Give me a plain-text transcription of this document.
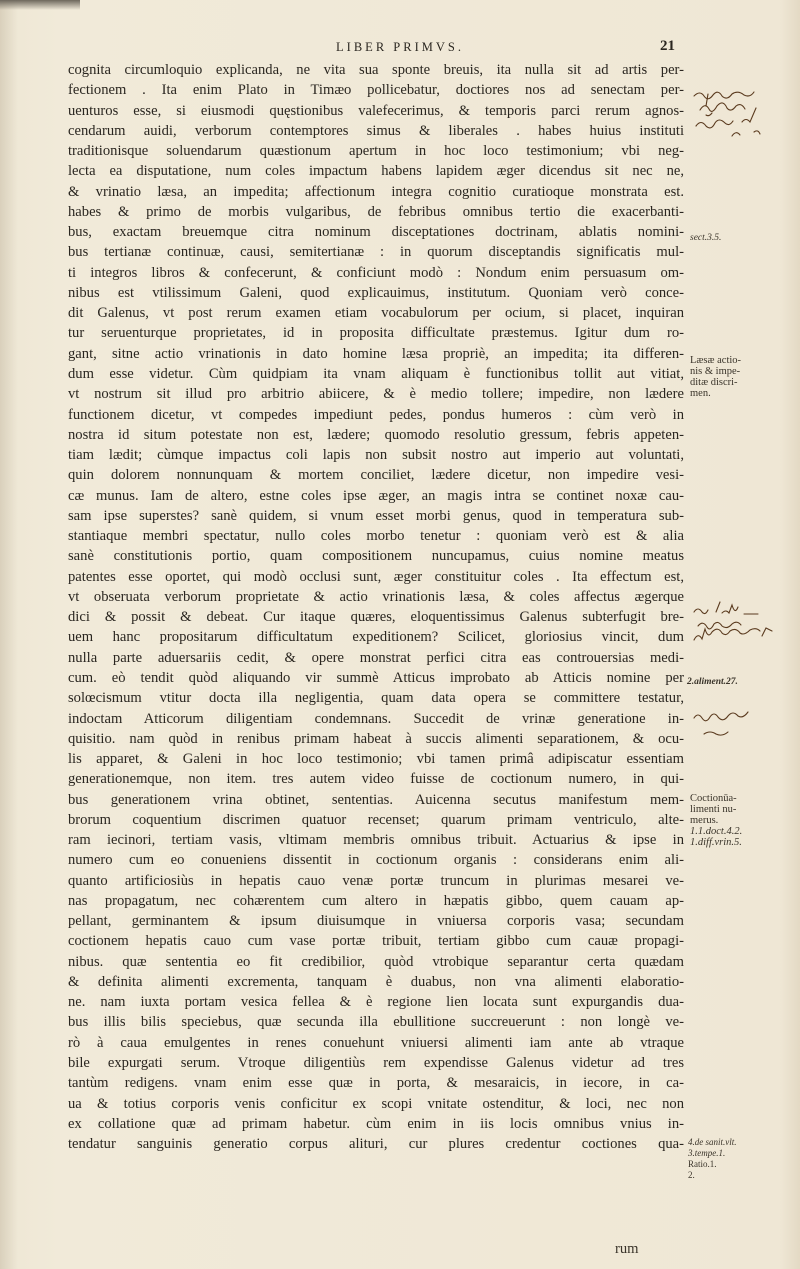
LIBER PRIMVS.	21
cognita circumloquio explicanda, ne vita sua sponte breuis, ita nulla sit ad artis per-
fectionem . Ita enim Plato in Timæo pollicebatur, doctiores nos ad senectam per-
uenturos esse, si eiusmodi quęstionibus valefecerimus, & temporis parci rerum agnos-
cendarum auidi, verborum contemptores simus & liberales . habes huius instituti
traditionisque soluendarum quæstionum apertum in hoc loco testimonium; vbi neg-
lecta ea disputatione, num coles impactum habens lapidem æger dicendus sit nec ne,
& vrinatio læsa, an impedita; affectionum integra cognitio curatioque monstrata est.
habes & primo de morbis vulgaribus, de febribus omnibus tertio die exacerbanti-
bus, exactam breuemque citra nominum disceptationes doctrinam, ablatis nomini-
bus tertianæ continuæ, causi, semitertianæ : in quorum disceptandis significatis mul-
ti integros libros & confecerunt, & conficiunt modò : Nondum enim persuasum om-
nibus est vtilissimum Galeni, quod explicauimus, institutum. Quoniam verò conce-
dit Galenus, vt post rerum examen etiam vocabulorum per ocium, si placet, inquiran
tur seruenturque proprietates, id in proposita difficultate præstemus. Igitur dum ro-
gant, sitne actio vrinationis in dato homine læsa propriè, an impedita; ita differen-
dum esse videtur. Cùm quidpiam ita vnam aliquam è functionibus tollit aut vitiat,
vt nostrum sit illud pro arbitrio abiicere, & è medio tollere; impedire, non lædere
functionem dicetur, vt compedes impediunt pedes, pondus humeros : cùm verò in
nostra id situm potestate non est, lædere; quomodo resolutio gressum, febris appeten-
tiam lædit; cùmque impactus coli lapis non subsit nostro aut imperio aut voluntati,
quin dolorem nonnunquam & mortem conciliet, lædere dicetur, non impedire vesi-
cæ munus. Iam de altero, estne coles ipse æger, an magis intra se continet noxæ cau-
sam ipse superstes? sanè quidem, si vnum esset morbi genus, quod in temperatura sub-
stantiaque membri spectatur, nullo coles morbo tenetur : quoniam verò est & alia
sanè constitutionis portio, quam compositionem nuncupamus, cuius nomine meatus
patentes esse oportet, qui modò occlusi sunt, æger constituitur coles . Ita effectum est,
vt obseruata verborum proprietate & actio vrinationis læsa, & coles affectus ægerque
dici & possit & debeat. Cur itaque quæres, eloquentissimus Galenus subterfugit bre-
uem hanc propositarum difficultatum expeditionem? Scilicet, gloriosius vincit, dum
nulla parte aduersariis cedit, & opere monstrat perfici citra eas controuersias medi-
cum. eò tendit quòd aliquando vir summè Atticus improbato ab Atticis nomine per
solœcismum vtitur docta illa negligentia, quam data opera se committere testatur,
indoctam Atticorum diligentiam condemnans. Succedit de vrinæ generatione in-
quisitio. nam quòd in renibus primam habeat à succis alimenti separationem, & ocu-
lis apparet, & Galeni in hoc loco testimonio; vbi tamen primâ adipiscatur essentiam
generationemque, non item. tres autem video fuisse de coctionum numero, in qui-
bus generationem vrina obtinet, sententias. Auicenna secutus manifestum mem-
brorum coquentium discrimen quatuor recenset; quarum primam ventriculo, alte-
ram iecinori, tertiam vasis, vltimam membris omnibus tribuit. Actuarius & ipse in
numero cum eo conueniens dissentit in coctionum organis : considerans enim ali-
quanto artificiosiùs in hepatis cauo venæ portæ truncum in plurimas mesarei ve-
nas propagatum, nec cohærentem cum altero in hæpatis gibbo, quem cauam ap-
pellant, germinantem & ipsum diuisumque in vniuersa corporis vasa; secundam
coctionem hepatis cauo cum vase portæ tribuit, tertiam gibbo cum cauæ propagi-
nibus. quæ sententia eo fit credibilior, quòd vtrobique separantur certa quædam
& definita alimenti excrementa, tanquam è duabus, non vna alimenti elaboratio-
ne. nam iuxta portam vesica fellea & è regione lien locata sunt expurgandis dua-
bus illis bilis speciebus, quæ secunda illa ebullitione succreuerunt : non longè ve-
rò à caua emulgentes in renes conuehunt vniuersi alimenti iam ante ab vtraque
bile expurgati serum. Vtroque diligentiùs rem expendisse Galenus videtur ad tres
tantùm redigens. vnam enim esse quæ in porta, & mesaraicis, in iecore, in ca-
ua & totius corporis venis conficitur ex scopi vnitate ostenditur, & loci, nec non
ex collatione quæ ad primam habetur. cùm enim in iis locis omnibus vnius in-
tendatur sanguinis generatio corpus aliturі, cur plures credentur coctiones qua-
rum
sect.3.5.
Læsæ actio-
nis & impe-
ditæ discri-
men.
2.aliment.27.
Coctionūa-
limenti nu-
merus.
1.1.doct.4.2.
1.diff.vrin.5.
4.de sanit.vlt.
3.tempe.1.
Ratio.1.
2.
